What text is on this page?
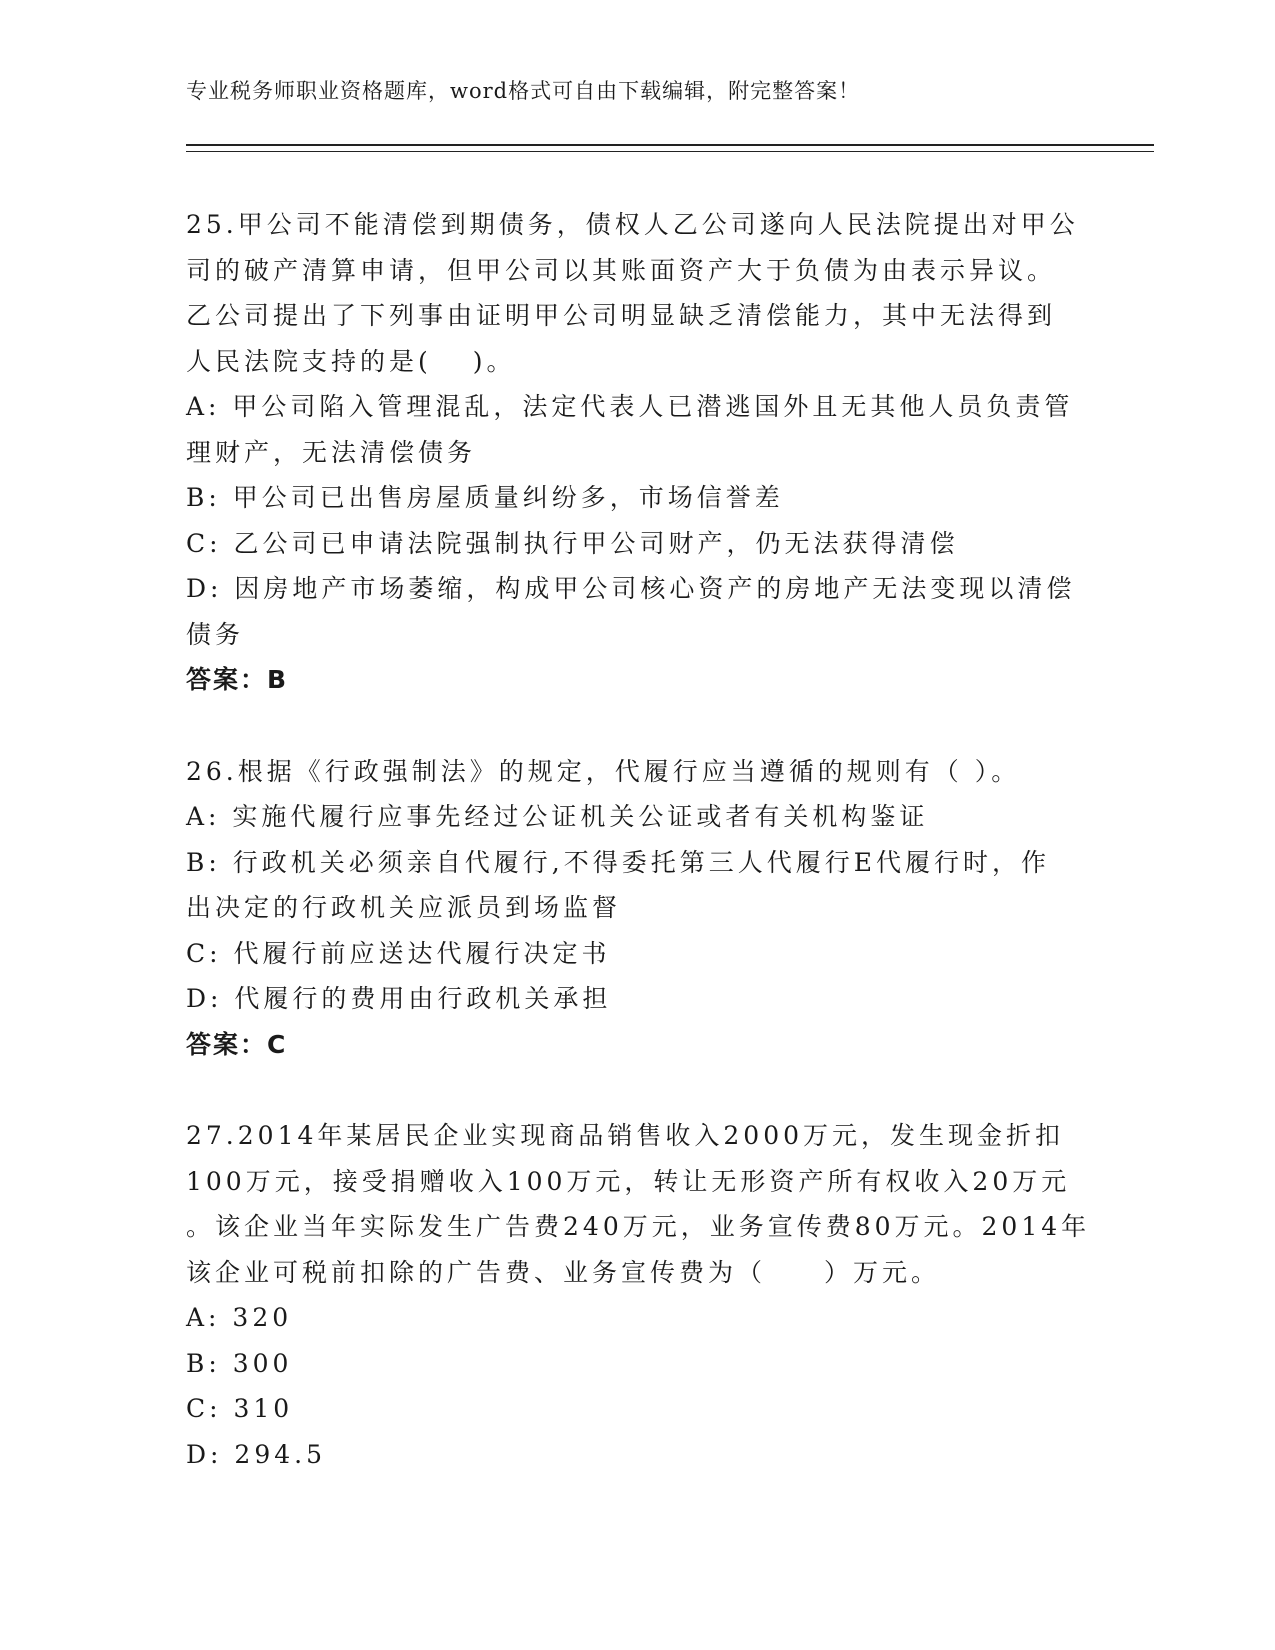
专业税务师职业资格题库，word格式可自由下载编辑，附完整答案！
25.甲公司不能清偿到期债务，债权人乙公司遂向人民法院提出对甲公
司的破产清算申请，但甲公司以其账面资产大于负债为由表示异议。
乙公司提出了下列事由证明甲公司明显缺乏清偿能力，其中无法得到
人民法院支持的是(　 )。
A: 甲公司陷入管理混乱，法定代表人已潜逃国外且无其他人员负责管
理财产，无法清偿债务
B: 甲公司已出售房屋质量纠纷多，市场信誉差
C: 乙公司已申请法院强制执行甲公司财产，仍无法获得清偿
D: 因房地产市场萎缩，构成甲公司核心资产的房地产无法变现以清偿
债务
答案：B
26.根据《行政强制法》的规定，代履行应当遵循的规则有（ ）。
A: 实施代履行应事先经过公证机关公证或者有关机构鉴证
B: 行政机关必须亲自代履行,不得委托第三人代履行E代履行时，作
出决定的行政机关应派员到场监督
C: 代履行前应送达代履行决定书
D: 代履行的费用由行政机关承担
答案：C
27.2014年某居民企业实现商品销售收入2000万元，发生现金折扣
100万元，接受捐赠收入100万元，转让无形资产所有权收入20万元
。该企业当年实际发生广告费240万元，业务宣传费80万元。2014年
该企业可税前扣除的广告费、业务宣传费为（　　）万元。
A: 320
B: 300
C: 310
D: 294.5
